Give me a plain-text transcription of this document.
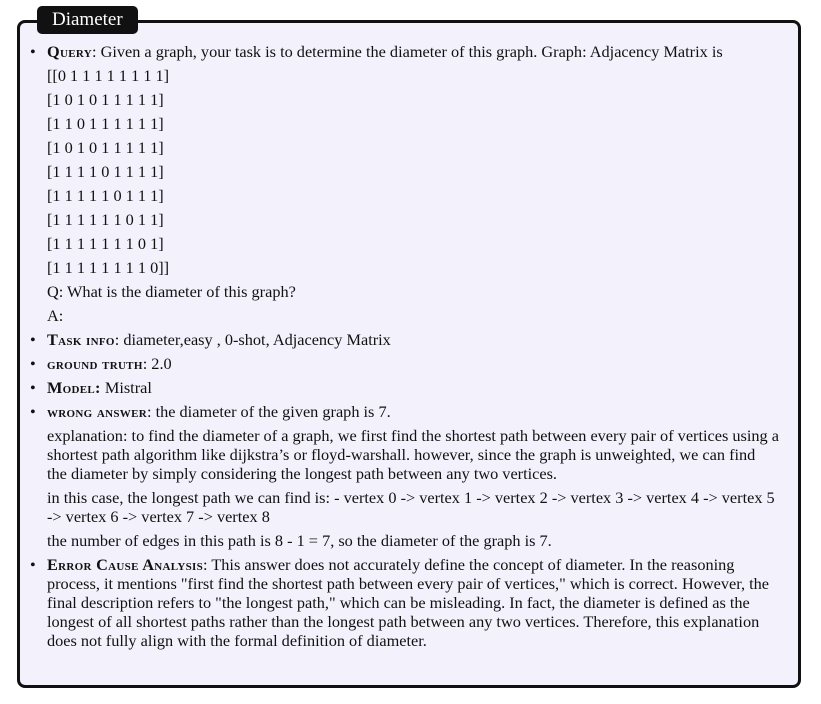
Diameter
• Query: Given a graph, your task is to determine the diameter of this graph. Graph: Adjacency Matrix is
[[0 1 1 1 1 1 1 1 1]
[1 0 1 0 1 1 1 1 1]
[1 1 0 1 1 1 1 1 1]
[1 0 1 0 1 1 1 1 1]
[1 1 1 1 0 1 1 1 1]
[1 1 1 1 1 0 1 1 1]
[1 1 1 1 1 1 0 1 1]
[1 1 1 1 1 1 1 0 1]
[1 1 1 1 1 1 1 1 0]]
Q: What is the diameter of this graph?
A:
• Task info: diameter,easy , 0-shot, Adjacency Matrix
• ground truth: 2.0
• Model: Mistral
• wrong answer: the diameter of the given graph is 7.
explanation: to find the diameter of a graph, we first find the shortest path between every pair of vertices using a shortest path algorithm like dijkstra’s or floyd-warshall. however, since the graph is unweighted, we can find the diameter by simply considering the longest path between any two vertices.
in this case, the longest path we can find is: - vertex 0 -> vertex 1 -> vertex 2 -> vertex 3 -> vertex 4 -> vertex 5 -> vertex 6 -> vertex 7 -> vertex 8
the number of edges in this path is 8 - 1 = 7, so the diameter of the graph is 7.
• Error Cause Analysis: This answer does not accurately define the concept of diameter. In the reasoning process, it mentions "first find the shortest path between every pair of vertices," which is correct. However, the final description refers to "the longest path," which can be misleading. In fact, the diameter is defined as the longest of all shortest paths rather than the longest path between any two vertices. Therefore, this explanation does not fully align with the formal definition of diameter.
